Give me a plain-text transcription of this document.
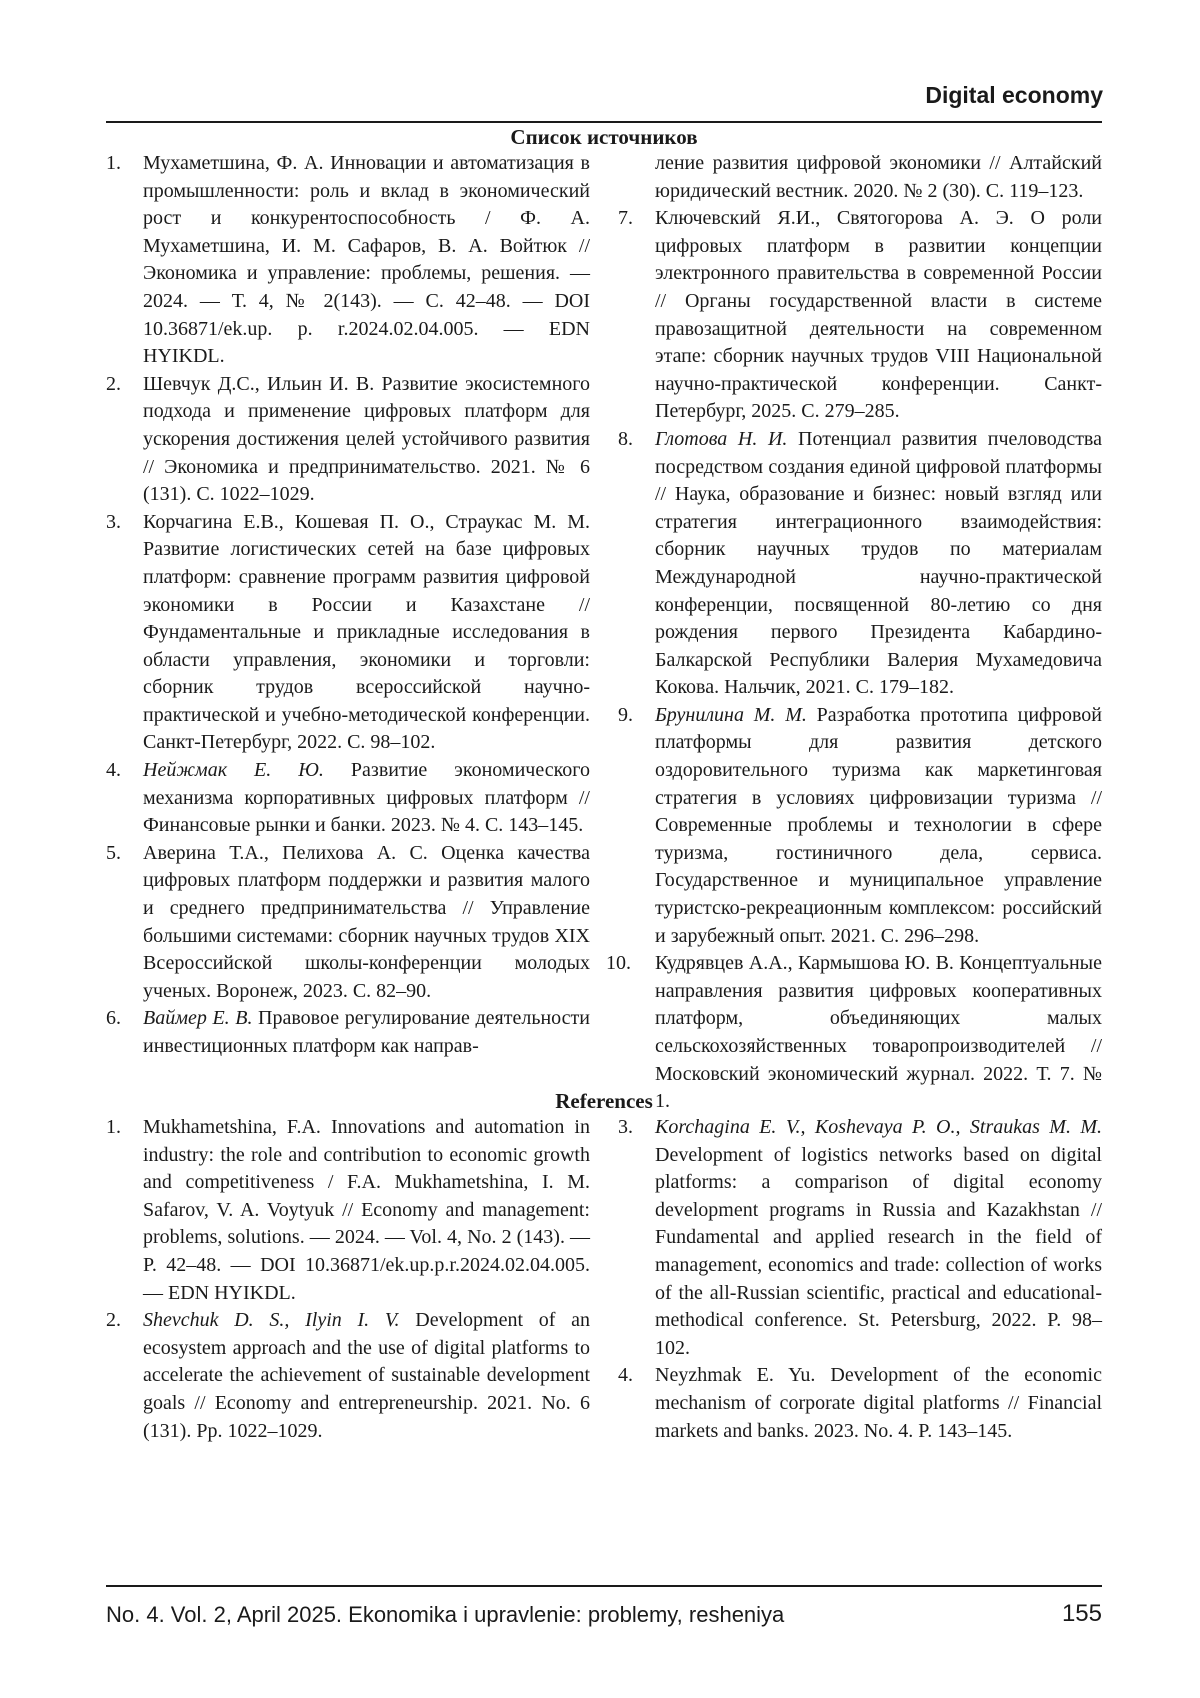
Digital economy
Список источников
1. Мухаметшина, Ф. А. Инновации и автоматизация в промышленности: роль и вклад в экономический рост и конкурентоспособность / Ф. А. Мухаметшина, И. М. Сафаров, В. А. Войтюк // Экономика и управление: проблемы, решения. — 2024. — Т. 4, № 2(143). — С. 42–48. — DOI 10.36871/ek.up. p. r.2024.02.04.005. — EDN HYIKDL.
2. Шевчук Д.С., Ильин И. В. Развитие экосистемного подхода и применение цифровых платформ для ускорения достижения целей устойчивого развития // Экономика и предпринимательство. 2021. № 6 (131). С. 1022–1029.
3. Корчагина Е.В., Кошевая П. О., Страукас М. М. Развитие логистических сетей на базе цифровых платформ: сравнение программ развития цифровой экономики в России и Казахстане // Фундаментальные и прикладные исследования в области управления, экономики и торговли: сборник трудов всероссийской научно-практической и учебно-методической конференции. Санкт-Петербург, 2022. С. 98–102.
4. Нейжмак Е. Ю. Развитие экономического механизма корпоративных цифровых платформ // Финансовые рынки и банки. 2023. № 4. С. 143–145.
5. Аверина Т.А., Пелихова А. С. Оценка качества цифровых платформ поддержки и развития малого и среднего предпринимательства // Управление большими системами: сборник научных трудов XIX Всероссийской школы-конференции молодых ученых. Воронеж, 2023. С. 82–90.
6. Ваймер Е. В. Правовое регулирование деятельности инвестиционных платформ как направ-
ление развития цифровой экономики // Алтайский юридический вестник. 2020. № 2 (30). С. 119–123.
7. Ключевский Я.И., Святогорова А. Э. О роли цифровых платформ в развитии концепции электронного правительства в современной России // Органы государственной власти в системе правозащитной деятельности на современном этапе: сборник научных трудов VIII Национальной научно-практической конференции. Санкт-Петербург, 2025. С. 279–285.
8. Глотова Н. И. Потенциал развития пчеловодства посредством создания единой цифровой платформы // Наука, образование и бизнес: новый взгляд или стратегия интеграционного взаимодействия: сборник научных трудов по материалам Международной научно-практической конференции, посвященной 80-летию со дня рождения первого Президента Кабардино-Балкарской Республики Валерия Мухамедовича Кокова. Нальчик, 2021. С. 179–182.
9. Брунилина М. М. Разработка прототипа цифровой платформы для развития детского оздоровительного туризма как маркетинговая стратегия в условиях цифровизации туризма // Современные проблемы и технологии в сфере туризма, гостиничного дела, сервиса. Государственное и муниципальное управление туристско-рекреационным комплексом: российский и зарубежный опыт. 2021. С. 296–298.
10. Кудрявцев А.А., Кармышова Ю. В. Концептуальные направления развития цифровых кооперативных платформ, объединяющих малых сельскохозяйственных товаропроизводителей // Московский экономический журнал. 2022. Т. 7. № 1.
References
1. Mukhametshina, F.A. Innovations and automation in industry: the role and contribution to economic growth and competitiveness / F.A. Mukhametshina, I. M. Safarov, V. A. Voytyuk // Economy and management: problems, solutions. — 2024. — Vol. 4, No. 2 (143). — P. 42–48. — DOI 10.36871/ek.up.p.r.2024.02.04.005. — EDN HYIKDL.
2. Shevchuk D. S., Ilyin I. V. Development of an ecosystem approach and the use of digital platforms to accelerate the achievement of sustainable development goals // Economy and entrepreneurship. 2021. No. 6 (131). Pp. 1022–1029.
3. Korchagina E. V., Koshevaya P. O., Straukas M. M. Development of logistics networks based on digital platforms: a comparison of digital economy development programs in Russia and Kazakhstan // Fundamental and applied research in the field of management, economics and trade: collection of works of the all-Russian scientific, practical and educational-methodical conference. St. Petersburg, 2022. P. 98–102.
4. Neyzhmak E. Yu. Development of the economic mechanism of corporate digital platforms // Financial markets and banks. 2023. No. 4. P. 143–145.
No. 4. Vol. 2, April 2025. Ekonomika i upravlenie: problemy, resheniya	155
